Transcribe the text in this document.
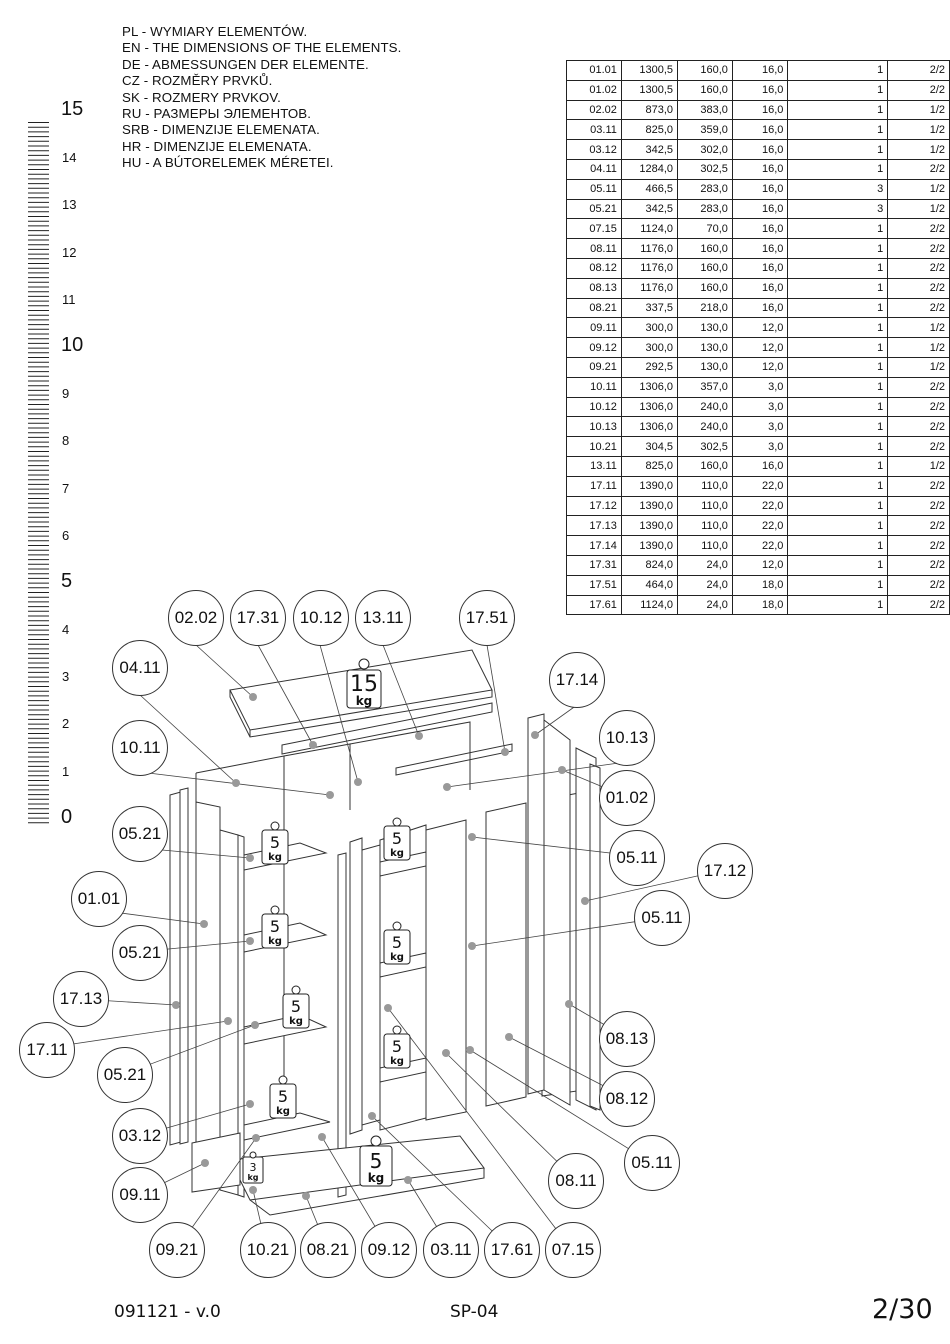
PL - WYMIARY ELEMENTÓW.
EN - THE DIMENSIONS OF THE ELEMENTS.
DE - ABMESSUNGEN DER ELEMENTE.
CZ - ROZMĚRY PRVKŮ.
SK - ROZMERY PRVKOV.
RU - РАЗМЕРЫ ЭЛЕМЕНТОВ.
SRB - DIMENZIJE ELEMENATA.
HR - DIMENZIJE ELEMENATA.
HU - A BÚTORELEMEK MÉRETEI.
15
14
13
12
11
10
9
8
7
6
5
4
3
2
1
0
01.01	1300,5	160,0	16,0	1	2/2
01.02	1300,5	160,0	16,0	1	2/2
02.02	873,0	383,0	16,0	1	1/2
03.11	825,0	359,0	16,0	1	1/2
03.12	342,5	302,0	16,0	1	1/2
04.11	1284,0	302,5	16,0	1	2/2
05.11	466,5	283,0	16,0	3	1/2
05.21	342,5	283,0	16,0	3	1/2
07.15	1124,0	70,0	16,0	1	2/2
08.11	1176,0	160,0	16,0	1	2/2
08.12	1176,0	160,0	16,0	1	2/2
08.13	1176,0	160,0	16,0	1	2/2
08.21	337,5	218,0	16,0	1	2/2
09.11	300,0	130,0	12,0	1	1/2
09.12	300,0	130,0	12,0	1	1/2
09.21	292,5	130,0	12,0	1	1/2
10.11	1306,0	357,0	3,0	1	2/2
10.12	1306,0	240,0	3,0	1	2/2
10.13	1306,0	240,0	3,0	1	2/2
10.21	304,5	302,5	3,0	1	2/2
13.11	825,0	160,0	16,0	1	1/2
17.11	1390,0	110,0	22,0	1	2/2
17.12	1390,0	110,0	22,0	1	2/2
17.13	1390,0	110,0	22,0	1	2/2
17.14	1390,0	110,0	22,0	1	2/2
17.31	824,0	24,0	12,0	1	2/2
17.51	464,0	24,0	18,0	1	2/2
17.61	1124,0	24,0	18,0	1	2/2
15
kg
5
kg
5
kg
5
kg
5
kg
5
kg
5
kg
5
kg
5
kg
3
kg
02.02	17.31	10.12	13.11	17.51
04.11
17.14
10.11
10.13
01.02
05.21
05.11
17.12
01.01
05.11
05.21
17.13
08.13
17.11
05.21
08.12
03.12
05.11
09.11
08.11
09.21	10.21	08.21	09.12	03.11	17.61	07.15
091121 - v.0	SP-04	2/30
